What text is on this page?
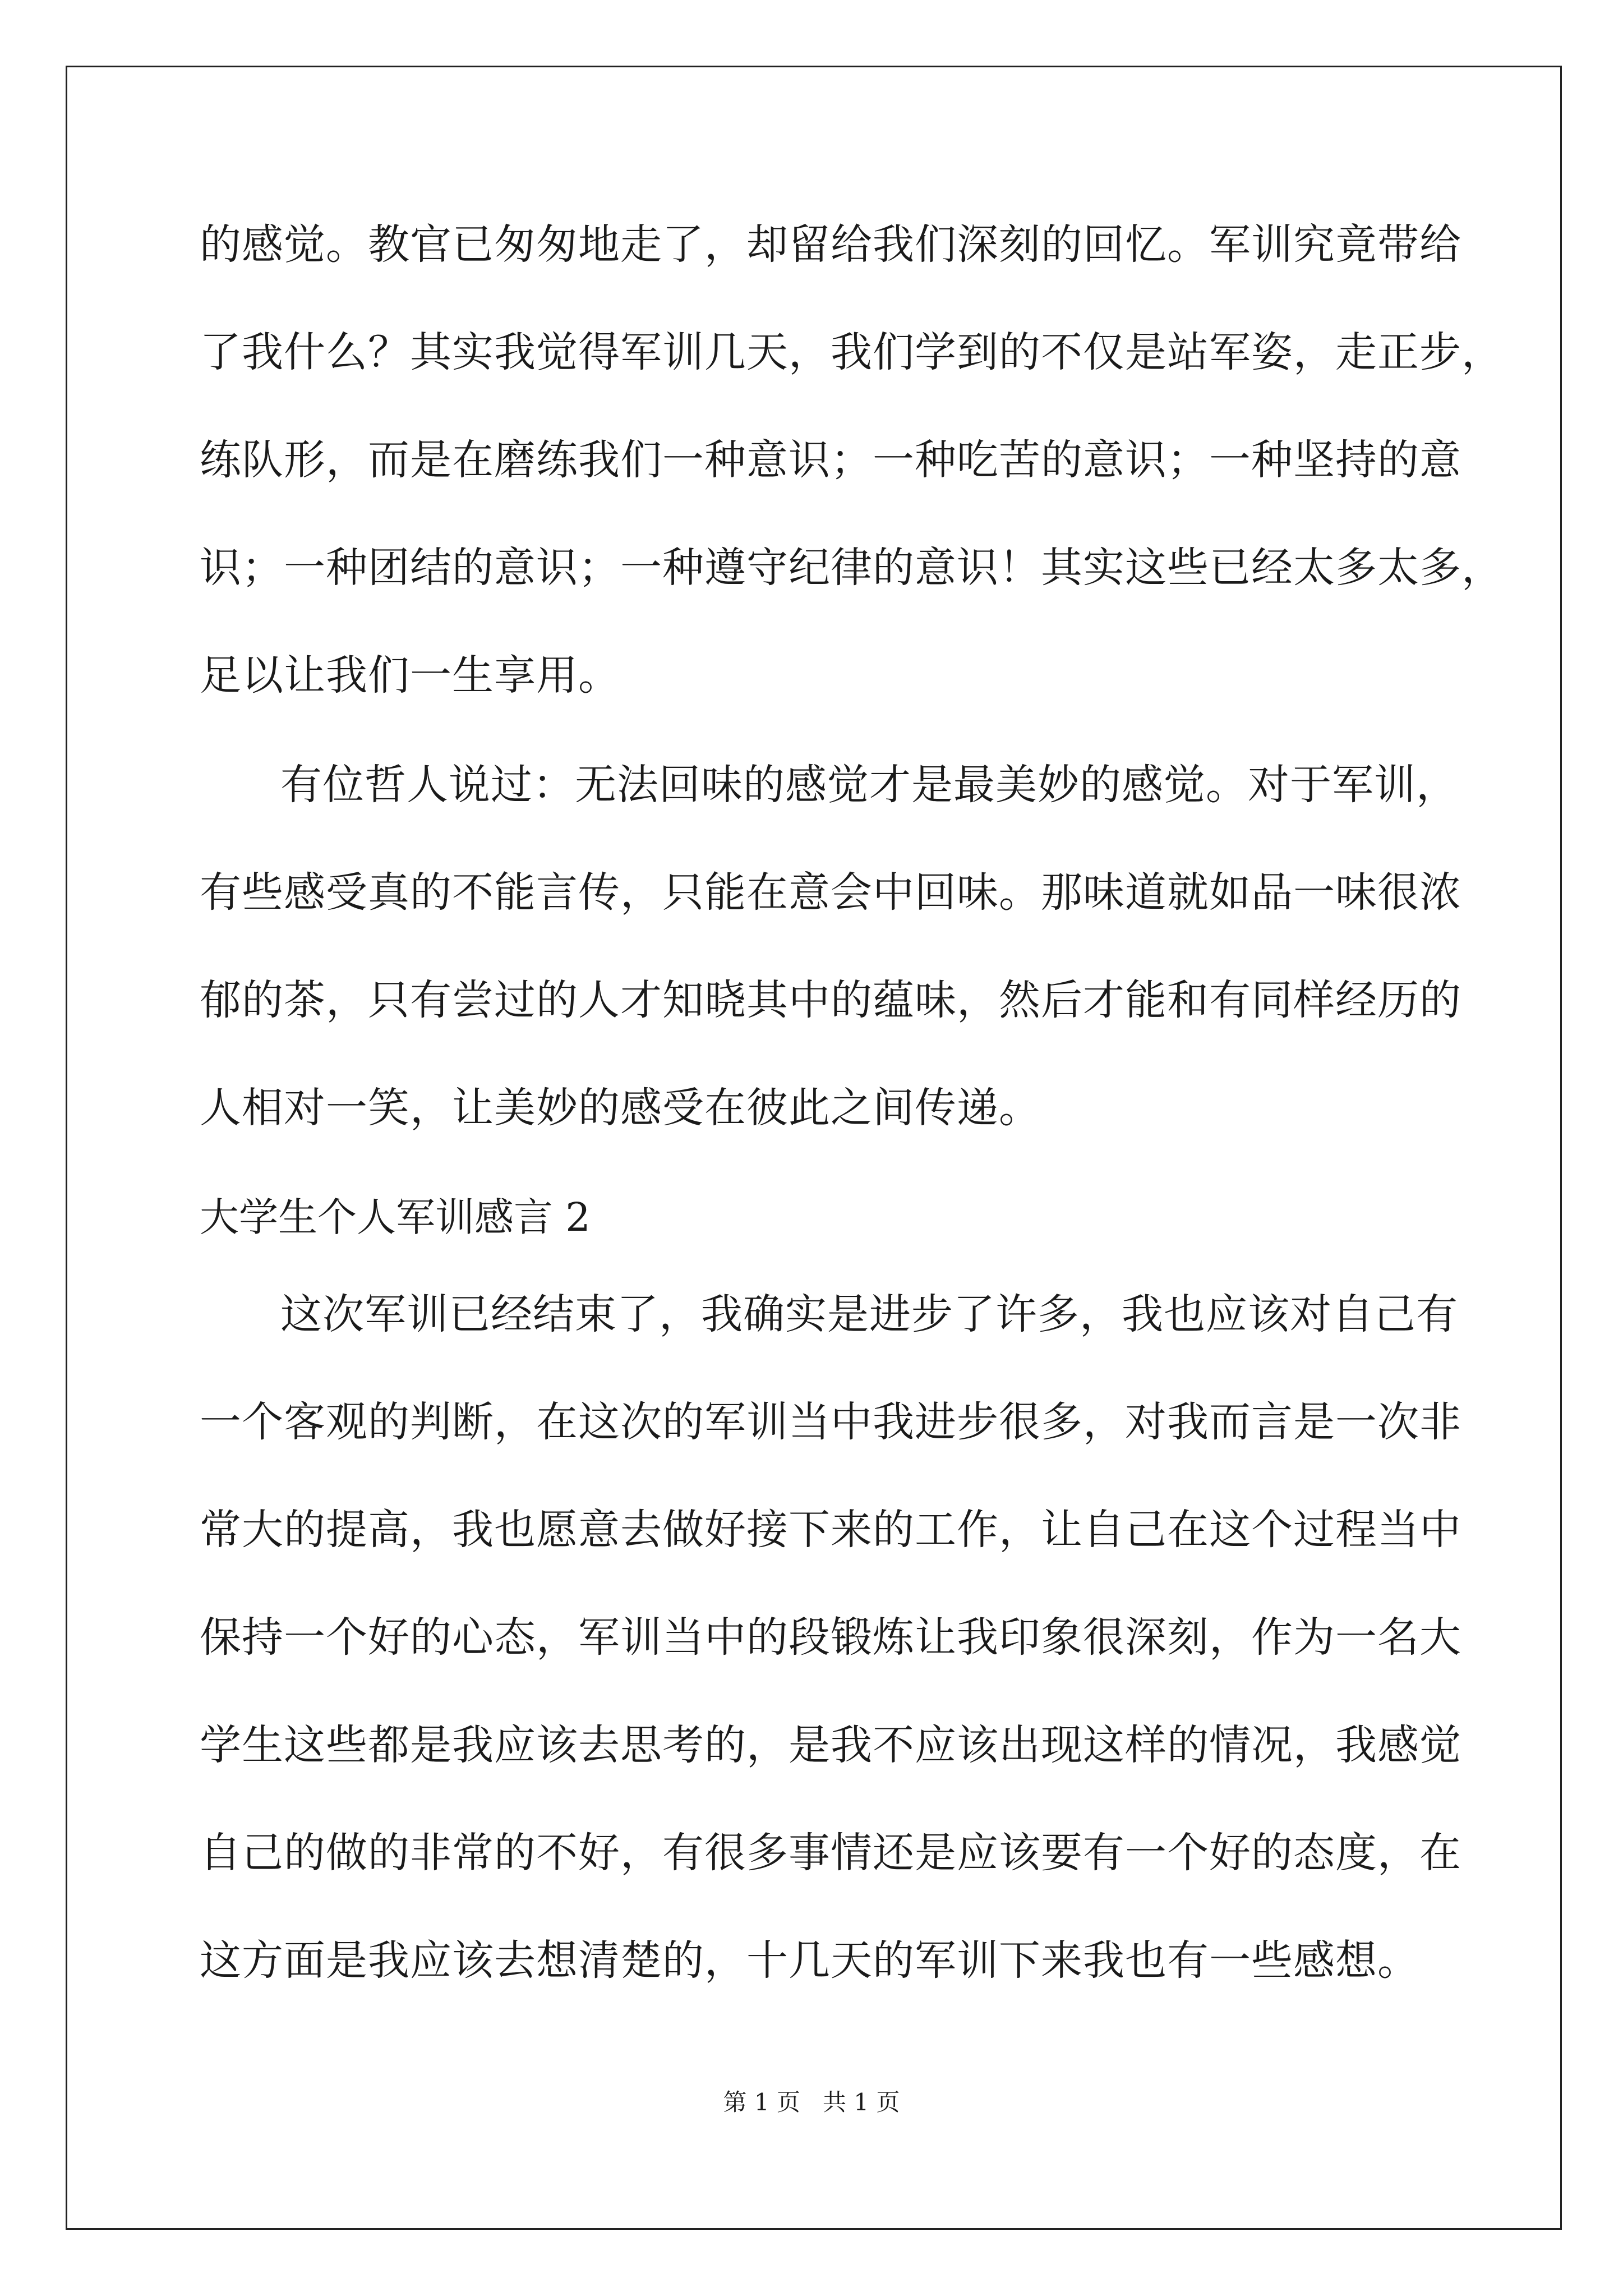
的感觉。教官已匆匆地走了，却留给我们深刻的回忆。军训究竟带给
了我什么？其实我觉得军训几天，我们学到的不仅是站军姿，走正步，
练队形，而是在磨练我们一种意识；一种吃苦的意识；一种坚持的意
识；一种团结的意识；一种遵守纪律的意识！其实这些已经太多太多，
足以让我们一生享用。
有位哲人说过：无法回味的感觉才是最美妙的感觉。对于军训，
有些感受真的不能言传，只能在意会中回味。那味道就如品一味很浓
郁的茶，只有尝过的人才知晓其中的蕴味，然后才能和有同样经历的
人相对一笑，让美妙的感受在彼此之间传递。
大学生个人军训感言 2
这次军训已经结束了，我确实是进步了许多，我也应该对自己有
一个客观的判断，在这次的军训当中我进步很多，对我而言是一次非
常大的提高，我也愿意去做好接下来的工作，让自己在这个过程当中
保持一个好的心态，军训当中的段锻炼让我印象很深刻，作为一名大
学生这些都是我应该去思考的，是我不应该出现这样的情况，我感觉
自己的做的非常的不好，有很多事情还是应该要有一个好的态度，在
这方面是我应该去想清楚的，十几天的军训下来我也有一些感想。
第 1 页   共 1 页
